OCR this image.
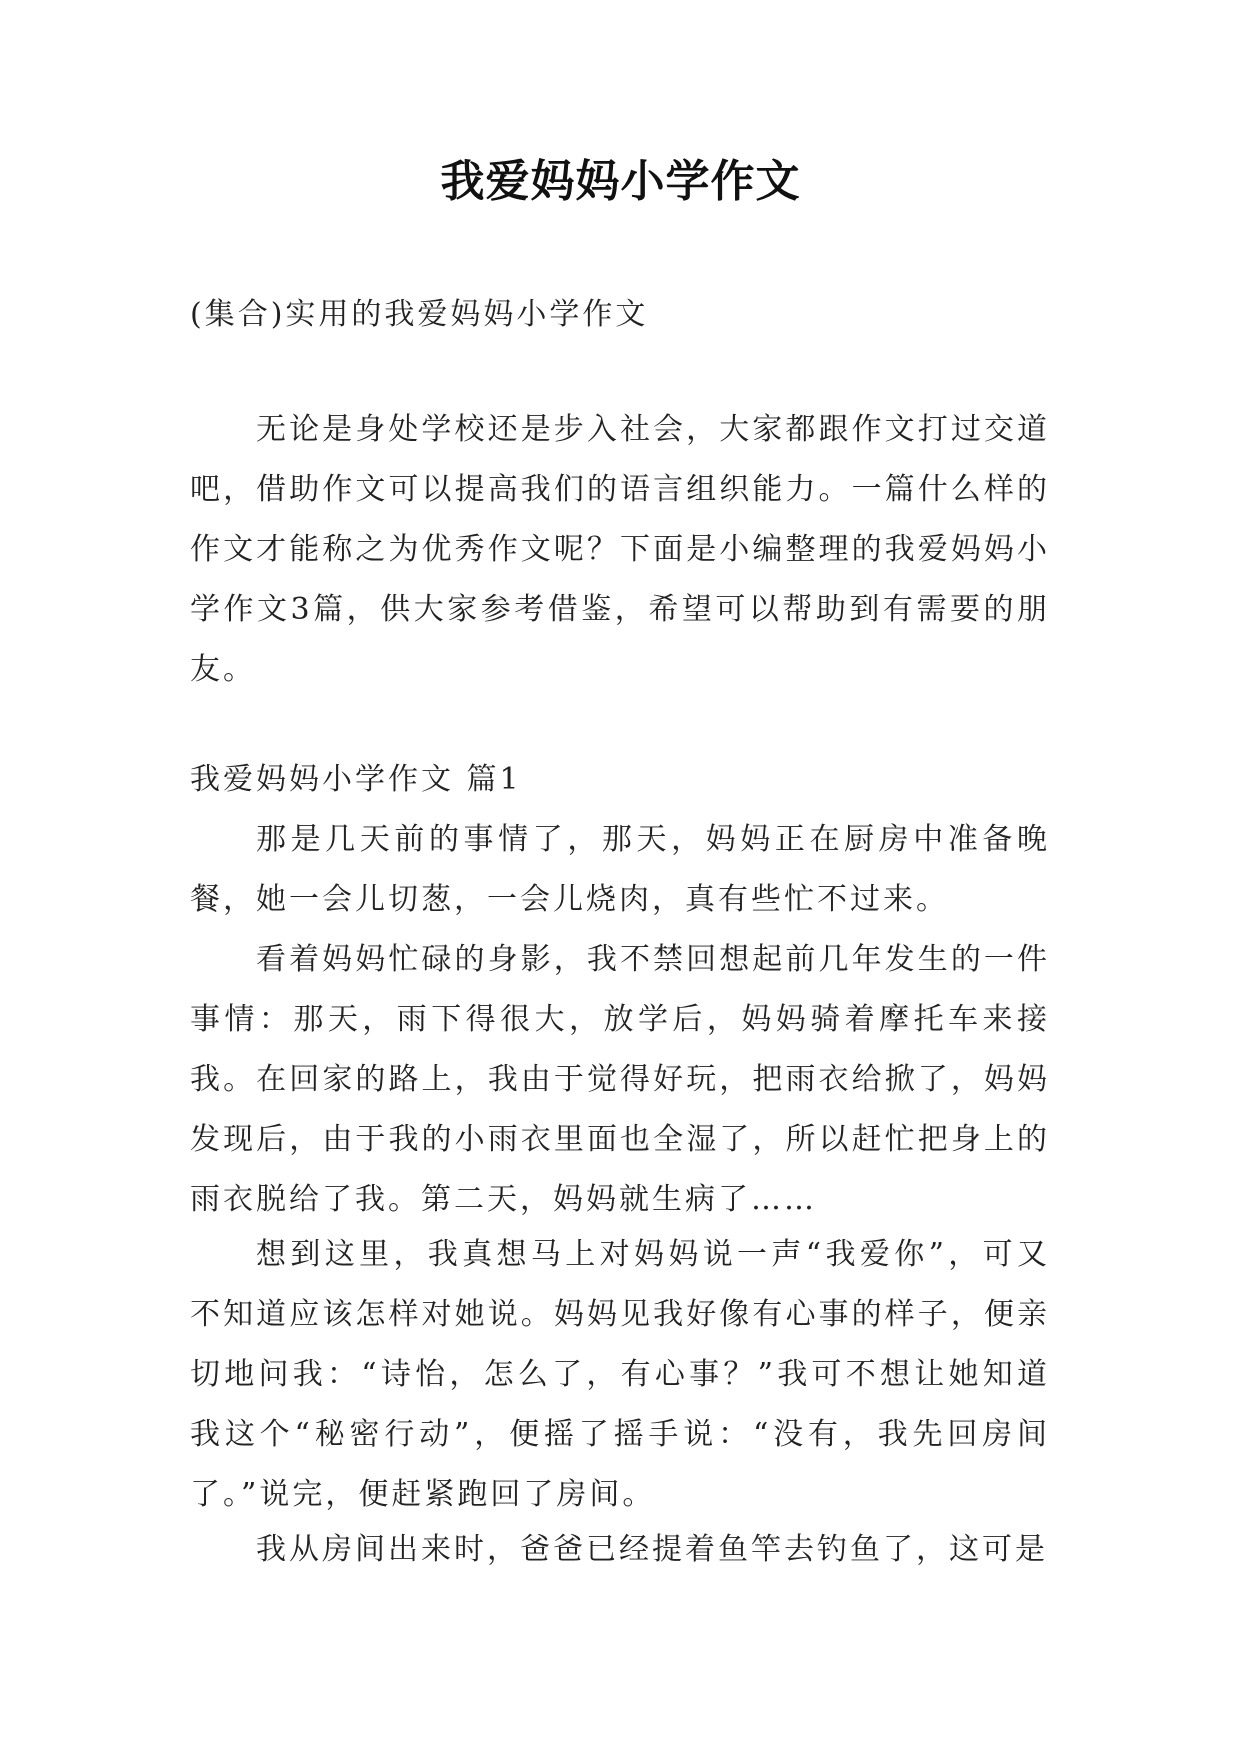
我爱妈妈小学作文

(集合)实用的我爱妈妈小学作文

无论是身处学校还是步入社会，大家都跟作文打过交道吧，借助作文可以提高我们的语言组织能力。一篇什么样的作文才能称之为优秀作文呢？下面是小编整理的我爱妈妈小学作文3篇，供大家参考借鉴，希望可以帮助到有需要的朋友。

我爱妈妈小学作文 篇1

那是几天前的事情了，那天，妈妈正在厨房中准备晚餐，她一会儿切葱，一会儿烧肉，真有些忙不过来。

看着妈妈忙碌的身影，我不禁回想起前几年发生的一件事情：那天，雨下得很大，放学后，妈妈骑着摩托车来接我。在回家的路上，我由于觉得好玩，把雨衣给掀了，妈妈发现后，由于我的小雨衣里面也全湿了，所以赶忙把身上的雨衣脱给了我。第二天，妈妈就生病了……

想到这里，我真想马上对妈妈说一声“我爱你”，可又不知道应该怎样对她说。妈妈见我好像有心事的样子，便亲切地问我：“诗怡，怎么了，有心事？”我可不想让她知道我这个“秘密行动”，便摇了摇手说：“没有，我先回房间了。”说完，便赶紧跑回了房间。

我从房间出来时，爸爸已经提着鱼竿去钓鱼了，这可是
